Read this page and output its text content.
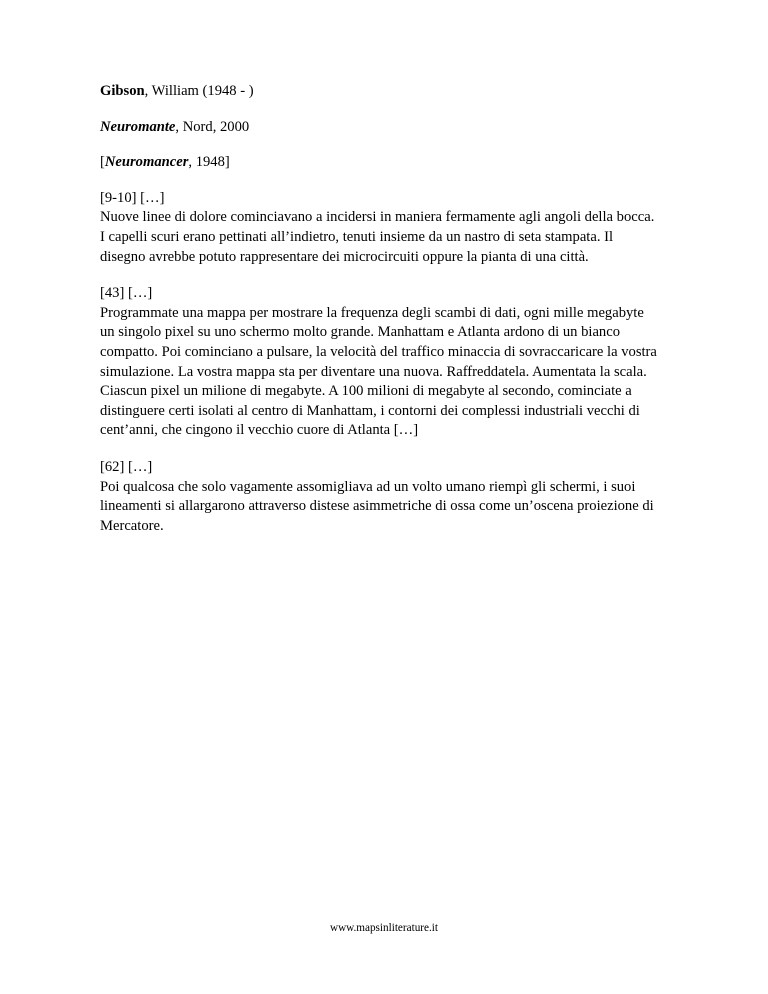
Gibson, William (1948 - )

Neuromante, Nord, 2000

[Neuromancer, 1948]

[9-10] […]
Nuove linee di dolore cominciavano a incidersi in maniera fermamente agli angoli della bocca. I capelli scuri erano pettinati all’indietro, tenuti insieme da un nastro di seta stampata. Il disegno avrebbe potuto rappresentare dei microcircuiti oppure la pianta di una città.
[43] […]
Programmate una mappa per mostrare la frequenza degli scambi di dati, ogni mille megabyte un singolo pixel su uno schermo molto grande. Manhattam e Atlanta ardono di un bianco compatto. Poi cominciano a pulsare, la velocità del traffico minaccia di sovraccaricare la vostra simulazione. La vostra mappa sta per diventare una nuova. Raffreddatela. Aumentata la scala. Ciascun pixel un milione di megabyte. A 100 milioni di megabyte al secondo, cominciate a distinguere certi isolati al centro di Manhattam, i contorni dei complessi industriali vecchi di cent’anni, che cingono il vecchio cuore di Atlanta […]
[62] […]
Poi qualcosa che solo vagamente assomigliava ad un volto umano riempì gli schermi, i suoi lineamenti si allargarono attraverso distese asimmetriche di ossa come un’oscena proiezione di Mercatore.
www.mapsinliterature.it
